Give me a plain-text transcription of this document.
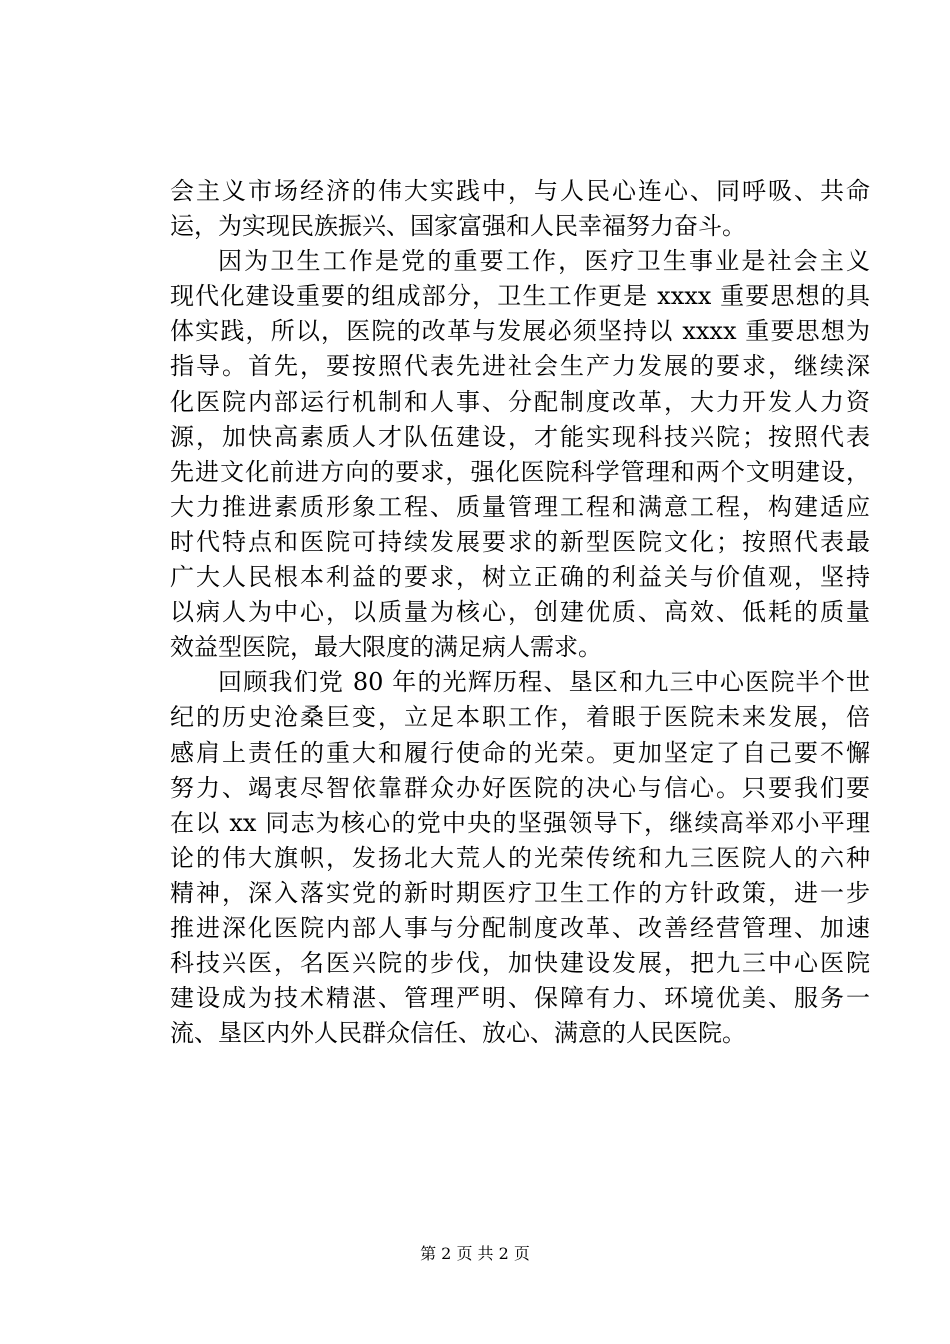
会主义市场经济的伟大实践中，与人民心连心、同呼吸、共命
运，为实现民族振兴、国家富强和人民幸福努力奋斗。
因为卫生工作是党的重要工作，医疗卫生事业是社会主义
现代化建设重要的组成部分，卫生工作更是 xxxx 重要思想的具
体实践，所以，医院的改革与发展必须坚持以 xxxx 重要思想为
指导。首先，要按照代表先进社会生产力发展的要求，继续深
化医院内部运行机制和人事、分配制度改革，大力开发人力资
源，加快高素质人才队伍建设，才能实现科技兴院；按照代表
先进文化前进方向的要求，强化医院科学管理和两个文明建设，
大力推进素质形象工程、质量管理工程和满意工程，构建适应
时代特点和医院可持续发展要求的新型医院文化；按照代表最
广大人民根本利益的要求，树立正确的利益关与价值观，坚持
以病人为中心，以质量为核心，创建优质、高效、低耗的质量
效益型医院，最大限度的满足病人需求。
回顾我们党 80 年的光辉历程、垦区和九三中心医院半个世
纪的历史沧桑巨变，立足本职工作，着眼于医院未来发展，倍
感肩上责任的重大和履行使命的光荣。更加坚定了自己要不懈
努力、竭衷尽智依靠群众办好医院的决心与信心。只要我们要
在以 xx 同志为核心的党中央的坚强领导下，继续高举邓小平理
论的伟大旗帜，发扬北大荒人的光荣传统和九三医院人的六种
精神，深入落实党的新时期医疗卫生工作的方针政策，进一步
推进深化医院内部人事与分配制度改革、改善经营管理、加速
科技兴医，名医兴院的步伐，加快建设发展，把九三中心医院
建设成为技术精湛、管理严明、保障有力、环境优美、服务一
流、垦区内外人民群众信任、放心、满意的人民医院。
第 2 页 共 2 页
